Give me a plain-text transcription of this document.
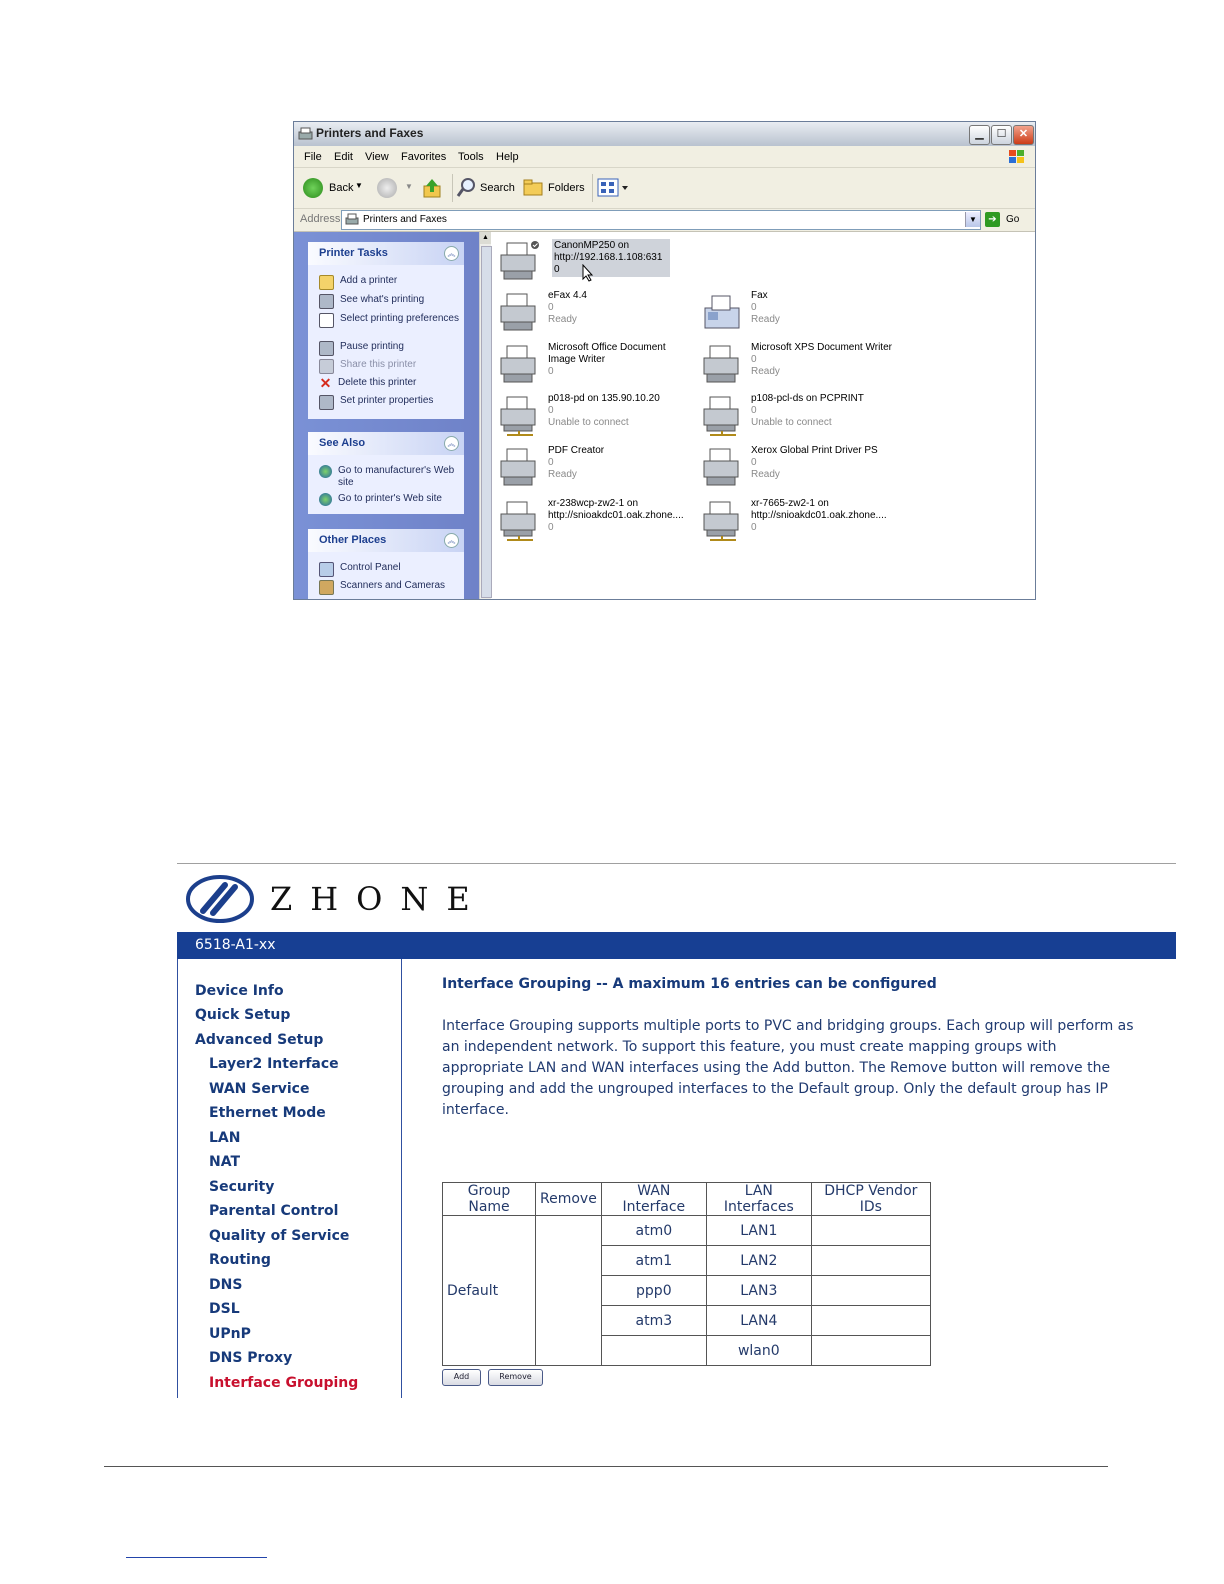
Printers and Faxes	▁	☐	✕
File Edit View Favorites Tools Help
Back ▼	▼	Search	Folders
Address Printers and Faxes	▼	➔ Go
Printer Tasks	︽
Add a printer
See what's printing
Select printing preferences
Pause printing
Share this printer
✕ Delete this printer
Set printer properties
See Also	︽
Go to manufacturer's Web site
Go to printer's Web site
Other Places	︽
Control Panel
Scanners and Cameras
▲
CanonMP250 on
http://192.168.1.108:631
0
eFax 4.4
0
Ready
Fax
0
Ready
Microsoft Office Document
Image Writer
0
Microsoft XPS Document Writer
0
Ready
p018-pd on 135.90.10.20
0
Unable to connect
p108-pcl-ds on PCPRINT
0
Unable to connect
PDF Creator
0
Ready
Xerox Global Print Driver PS
0
Ready
xr-238wcp-zw2-1 on
http://snioakdc01.oak.zhone....
0
xr-7665-zw2-1 on
http://snioakdc01.oak.zhone....
0
ZHONE
6518-A1-xx
Device Info
Quick Setup
Advanced Setup
Layer2 Interface
WAN Service
Ethernet Mode
LAN
NAT
Security
Parental Control
Quality of Service
Routing
DNS
DSL
UPnP
DNS Proxy
Interface Grouping
Interface Grouping -- A maximum 16 entries can be configured
Interface Grouping supports multiple ports to PVC and bridging groups. Each group will perform as an independent network. To support this feature, you must create mapping groups with appropriate LAN and WAN interfaces using the Add button. The Remove button will remove the grouping and add the ungrouped interfaces to the Default group. Only the default group has IP interface.
Group Name	Remove	WAN Interface	LAN Interfaces	DHCP Vendor IDs
Default		atm0	LAN1	
		atm1	LAN2	
		ppp0	LAN3	
		atm3	LAN4	
			wlan0	
Add	Remove
